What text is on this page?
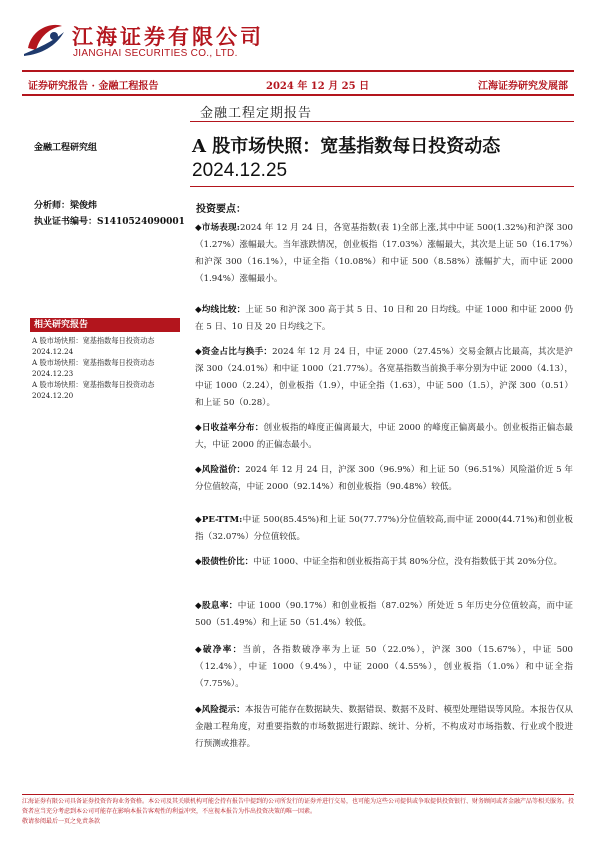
江海证券有限公司
JIANGHAI SECURITIES CO., LTD.
证券研究报告 · 金融工程报告	2024 年 12 月 25 日	江海证券研究发展部
金融工程定期报告
A 股市场快照：宽基指数每日投资动态
2024.12.25
金融工程研究组
分析师：梁俊炜
执业证书编号：S1410524090001
相关研究报告
A 股市场快照：宽基指数每日投资动态 2024.12.24
A 股市场快照：宽基指数每日投资动态 2024.12.23
A 股市场快照：宽基指数每日投资动态 2024.12.20
投资要点：
◆市场表现:2024 年 12 月 24 日，各宽基指数(表 1)全部上涨,其中中证 500(1.32%)和沪深 300（1.27%）涨幅最大。当年涨跌情况，创业板指（17.03%）涨幅最大，其次是上证 50（16.17%）和沪深 300（16.1%），中证全指（10.08%）和中证 500（8.58%）涨幅扩大，而中证 2000（1.94%）涨幅最小。
◆均线比较：上证 50 和沪深 300 高于其 5 日、10 日和 20 日均线。中证 1000 和中证 2000 仍在 5 日、10 日及 20 日均线之下。
◆资金占比与换手：2024 年 12 月 24 日，中证 2000（27.45%）交易金额占比最高，其次是沪深 300（24.01%）和中证 1000（21.77%）。各宽基指数当前换手率分别为中证 2000（4.13），中证 1000（2.24），创业板指（1.9），中证全指（1.63），中证 500（1.5），沪深 300（0.51）和上证 50（0.28）。
◆日收益率分布：创业板指的峰度正偏离最大，中证 2000 的峰度正偏离最小。创业板指正偏态最大，中证 2000 的正偏态最小。
◆风险溢价：2024 年 12 月 24 日，沪深 300（96.9%）和上证 50（96.51%）风险溢价近 5 年分位值较高，中证 2000（92.14%）和创业板指（90.48%）较低。
◆PE-TTM:中证 500(85.45%)和上证 50(77.77%)分位值较高,而中证 2000(44.71%)和创业板指（32.07%）分位值较低。
◆股债性价比：中证 1000、中证全指和创业板指高于其 80%分位，没有指数低于其 20%分位。
◆股息率：中证 1000（90.17%）和创业板指（87.02%）所处近 5 年历史分位值较高，而中证 500（51.49%）和上证 50（51.4%）较低。
◆破净率：当前，各指数破净率为上证 50（22.0%），沪深 300（15.67%），中证 500（12.4%），中证 1000（9.4%），中证 2000（4.55%），创业板指（1.0%）和中证全指（7.75%）。
◆风险提示：本报告可能存在数据缺失、数据错误、数据不及时、模型处理错误等风险。本报告仅从金融工程角度，对重要指数的市场数据进行跟踪、统计、分析，不构成对市场指数、行业或个股进行预测或推荐。
江海证券有限公司具备证券投资咨询业务资格。本公司及其关联机构可能会持有报告中提到的公司所发行的证券并进行交易，也可能为这些公司提供或争取提供投资银行、财务顾问或者金融产品等相关服务。投资者应当充分考虑到本公司可能存在影响本报告客观性的利益冲突，不应视本报告为作出投资决策的唯一因素。
敬请参阅最后一页之免责条款
